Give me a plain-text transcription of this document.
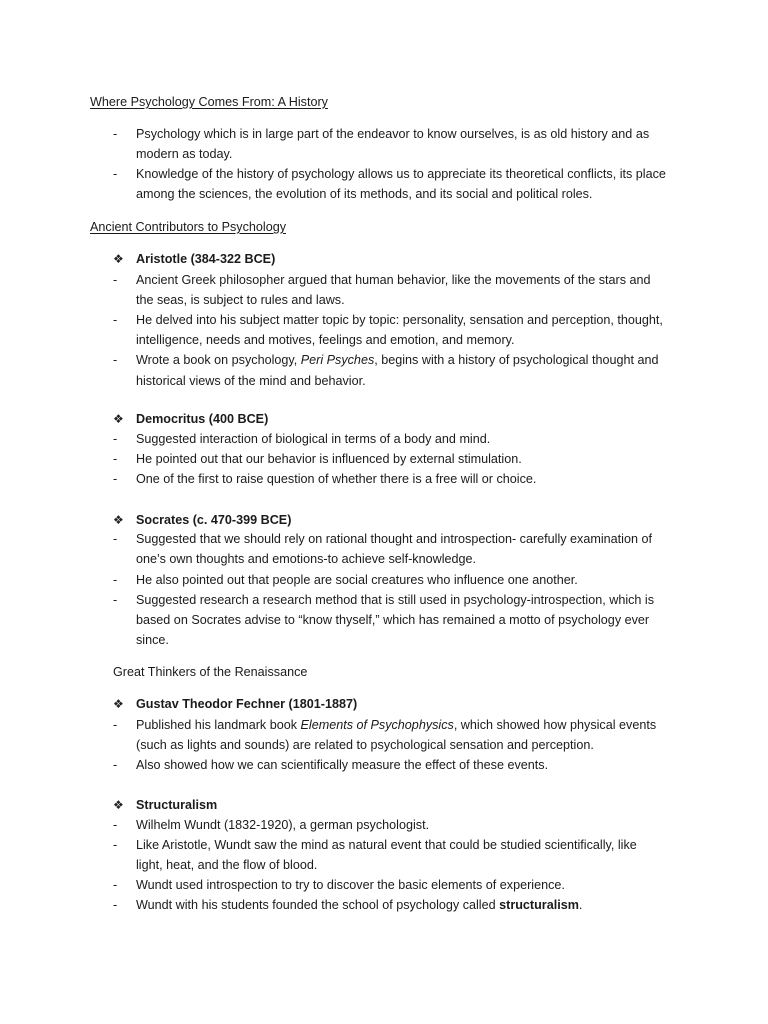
Where Psychology Comes From: A History
- Psychology which is in large part of the endeavor to know ourselves, is as old history and as
modern as today.
- Knowledge of the history of psychology allows us to appreciate its theoretical conflicts, its place
among the sciences, the evolution of its methods, and its social and political roles.
Ancient Contributors to Psychology
❖ Aristotle (384-322 BCE)
- Ancient Greek philosopher argued that human behavior, like the movements of the stars and
the seas, is subject to rules and laws.
- He delved into his subject matter topic by topic: personality, sensation and perception, thought,
intelligence, needs and motives, feelings and emotion, and memory.
- Wrote a book on psychology, Peri Psyches, begins with a history of psychological thought and
historical views of the mind and behavior.
❖ Democritus (400 BCE)
- Suggested interaction of biological in terms of a body and mind.
- He pointed out that our behavior is influenced by external stimulation.
- One of the first to raise question of whether there is a free will or choice.
❖ Socrates (c. 470-399 BCE)
- Suggested that we should rely on rational thought and introspection- carefully examination of
one’s own thoughts and emotions-to achieve self-knowledge.
- He also pointed out that people are social creatures who influence one another.
- Suggested research a research method that is still used in psychology-introspection, which is
based on Socrates advise to “know thyself,” which has remained a motto of psychology ever
since.
Great Thinkers of the Renaissance
❖ Gustav Theodor Fechner (1801-1887)
- Published his landmark book Elements of Psychophysics, which showed how physical events
(such as lights and sounds) are related to psychological sensation and perception.
- Also showed how we can scientifically measure the effect of these events.
❖ Structuralism
- Wilhelm Wundt (1832-1920), a german psychologist.
- Like Aristotle, Wundt saw the mind as natural event that could be studied scientifically, like
light, heat, and the flow of blood.
- Wundt used introspection to try to discover the basic elements of experience.
- Wundt with his students founded the school of psychology called structuralism.
